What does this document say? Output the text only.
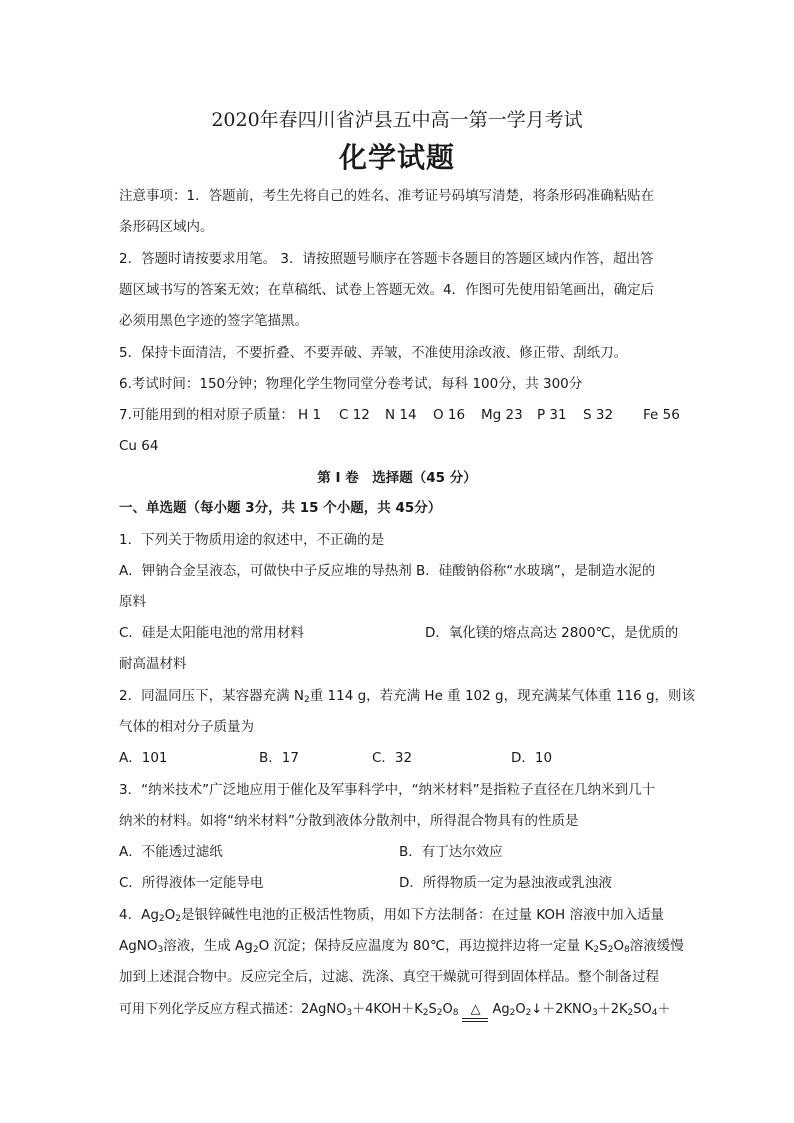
2020年春四川省泸县五中高一第一学月考试
化学试题
注意事项：1．答题前，考生先将自己的姓名、准考证号码填写清楚，将条形码准确粘贴在
条形码区域内。
2．答题时请按要求用笔。 3．请按照题号顺序在答题卡各题目的答题区域内作答，超出答
题区域书写的答案无效；在草稿纸、试卷上答题无效。4．作图可先使用铅笔画出，确定后
必须用黑色字迹的签字笔描黑。
5．保持卡面清洁，不要折叠、不要弄破、弄皱，不准使用涂改液、修正带、刮纸刀。
6.考试时间：150分钟；物理化学生物同堂分卷考试，每科 100分，共 300分
7.可能用到的相对原子质量： H 1 C 12 N 14 O 16 Mg 23 P 31 S 32 Fe 56
Cu 64
第 I 卷　选择题（45 分）
一、单选题（每小题 3分，共 15 个小题，共 45分）
1．下列关于物质用途的叙述中，不正确的是
A．钾钠合金呈液态，可做快中子反应堆的导热剂 B．硅酸钠俗称“水玻璃”，是制造水泥的
原料
C．硅是太阳能电池的常用材料	D．氧化镁的熔点高达 2800℃，是优质的
耐高温材料
2．同温同压下，某容器充满 $N_2$重 114 g，若充满 He 重 102 g，现充满某气体重 116 g，则该
气体的相对分子质量为
A．101	B．17	C．32	D．10
3．“纳米技术”广泛地应用于催化及军事科学中，“纳米材料”是指粒子直径在几纳米到几十
纳米的材料。如将“纳米材料”分散到液体分散剂中，所得混合物具有的性质是
A．不能透过滤纸	B．有丁达尔效应
C．所得液体一定能导电	D．所得物质一定为悬浊液或乳浊液
4．$Ag_2O_2$是银锌碱性电池的正极活性物质，用如下方法制备：在过量 KOH 溶液中加入适量
AgNO$_3$溶液，生成 $Ag_2O$ 沉淀；保持反应温度为 80℃，再边搅拌边将一定量 $K_2S_2O_8$溶液缓慢
加到上述混合物中。反应完全后，过滤、洗涤、真空干燥就可得到固体样品。整个制备过程
可用下列化学反应方程式描述：$2AgNO_3+4KOH+K_2S_2O_8$ △ $Ag_2O_2↓+2KNO_3+2K_2SO_4+$
